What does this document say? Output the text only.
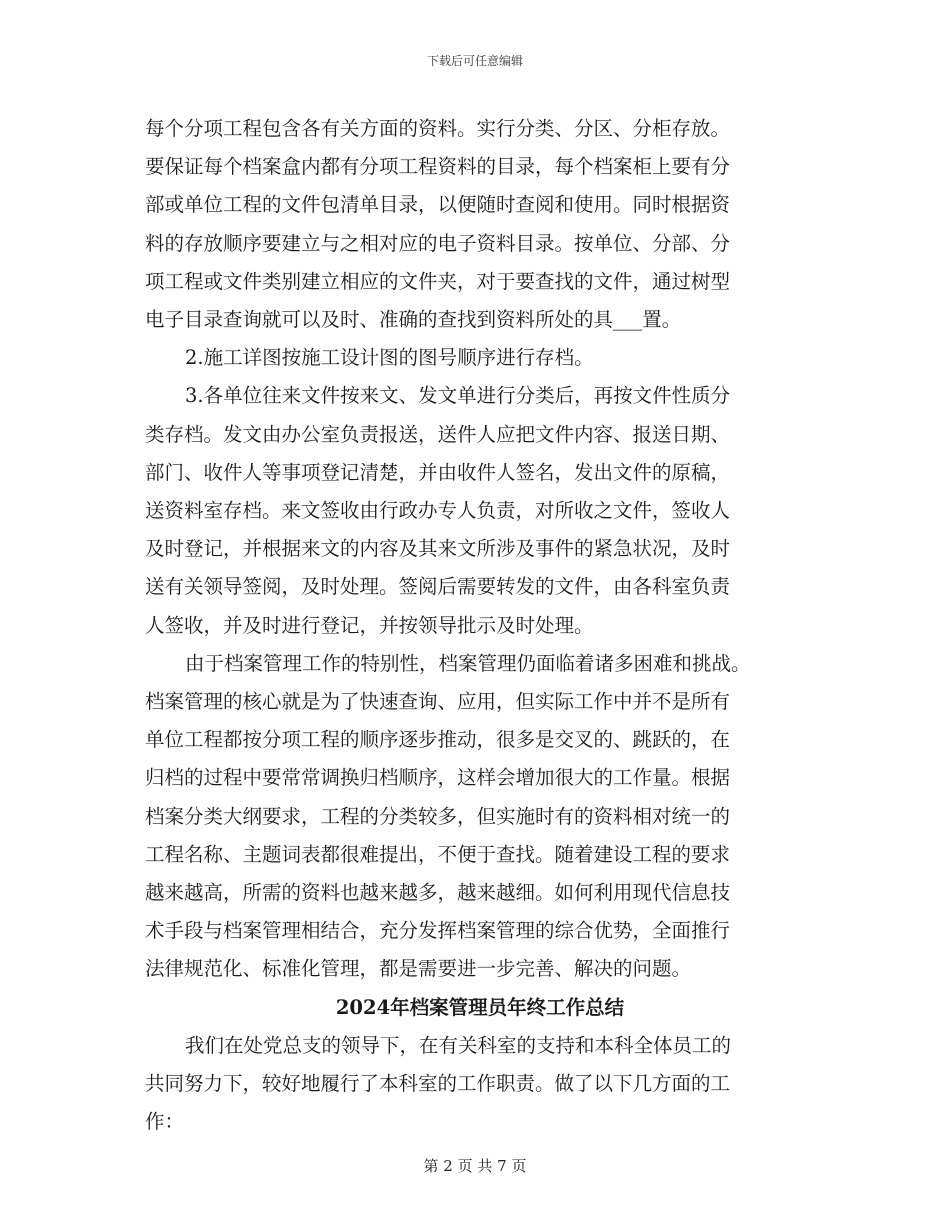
下载后可任意编辑
每个分项工程包含各有关方面的资料。实行分类、分区、分柜存放。
要保证每个档案盒内都有分项工程资料的目录，每个档案柜上要有分
部或单位工程的文件包清单目录，以便随时查阅和使用。同时根据资
料的存放顺序要建立与之相对应的电子资料目录。按单位、分部、分
项工程或文件类别建立相应的文件夹，对于要查找的文件，通过树型
电子目录查询就可以及时、准确的查找到资料所处的具___置。
2.施工详图按施工设计图的图号顺序进行存档。
3.各单位往来文件按来文、发文单进行分类后，再按文件性质分
类存档。发文由办公室负责报送，送件人应把文件内容、报送日期、
部门、收件人等事项登记清楚，并由收件人签名，发出文件的原稿，
送资料室存档。来文签收由行政办专人负责，对所收之文件，签收人
及时登记，并根据来文的内容及其来文所涉及事件的紧急状况，及时
送有关领导签阅，及时处理。签阅后需要转发的文件，由各科室负责
人签收，并及时进行登记，并按领导批示及时处理。
由于档案管理工作的特别性，档案管理仍面临着诸多困难和挑战。
档案管理的核心就是为了快速查询、应用，但实际工作中并不是所有
单位工程都按分项工程的顺序逐步推动，很多是交叉的、跳跃的，在
归档的过程中要常常调换归档顺序，这样会增加很大的工作量。根据
档案分类大纲要求，工程的分类较多，但实施时有的资料相对统一的
工程名称、主题词表都很难提出，不便于查找。随着建设工程的要求
越来越高，所需的资料也越来越多，越来越细。如何利用现代信息技
术手段与档案管理相结合，充分发挥档案管理的综合优势，全面推行
法律规范化、标准化管理，都是需要进一步完善、解决的问题。
2024年档案管理员年终工作总结
我们在处党总支的领导下，在有关科室的支持和本科全体员工的
共同努力下，较好地履行了本科室的工作职责。做了以下几方面的工
作：
第 2 页 共 7 页
